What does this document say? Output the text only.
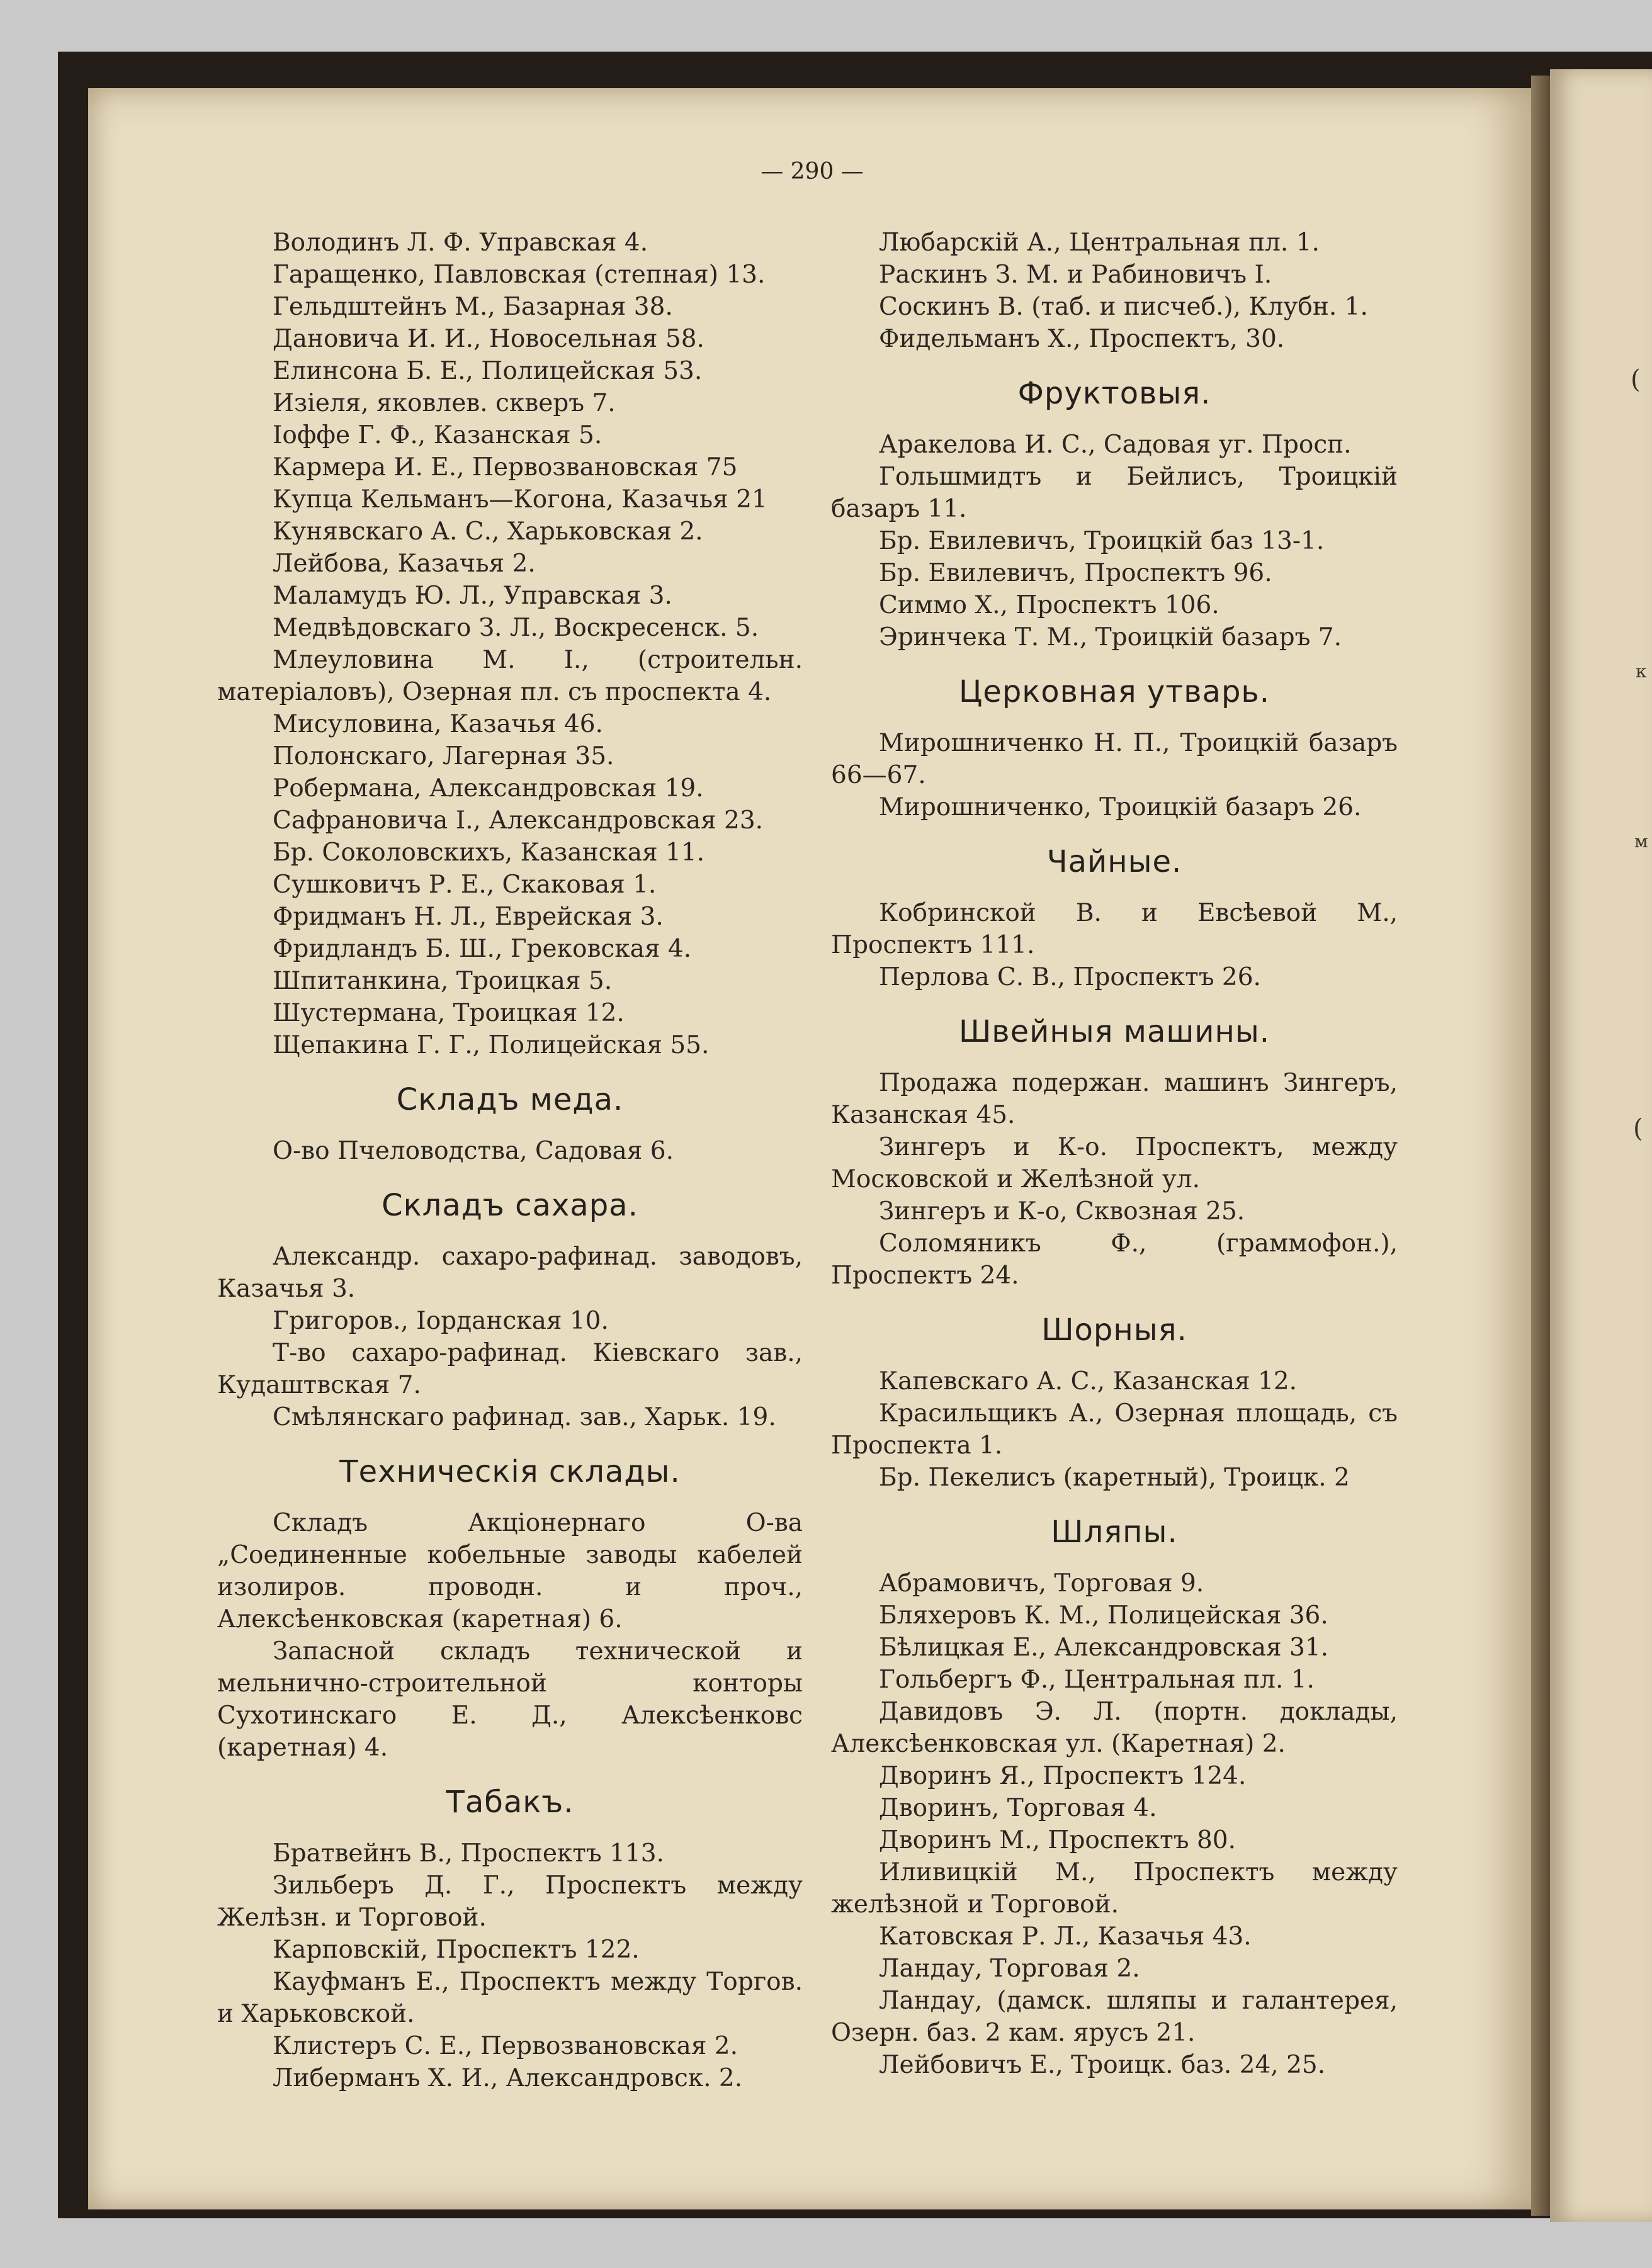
(
к
м
(
— 290 —
Володинъ Л. Ф. Управская 4.
Гаращенко, Павловская (степная) 13.
Гельдштейнъ М., Базарная 38.
Дановича И. И., Новосельная 58.
Елинсона Б. Е., Полицейская 53.
Изіеля, яковлев. скверъ 7.
Іоффе Г. Ф., Казанская 5.
Кармера И. Е., Первозвановская 75
Купца Кельманъ—Когона, Казачья 21
Кунявскаго А. С., Харьковская 2.
Лейбова, Казачья 2.
Маламудъ Ю. Л., Управская 3.
Медвѣдовскаго З. Л., Воскресенск. 5.
Млеуловина М. І., (строительн. матеріаловъ), Озерная пл. съ проспекта 4.
Мисуловина, Казачья 46.
Полонскаго, Лагерная 35.
Робермана, Александровская 19.
Сафрановича І., Александровская 23.
Бр. Соколовскихъ, Казанская 11.
Сушковичъ Р. Е., Скаковая 1.
Фридманъ Н. Л., Еврейская 3.
Фридландъ Б. Ш., Грековская 4.
Шпитанкина, Троицкая 5.
Шустермана, Троицкая 12.
Щепакина Г. Г., Полицейская 55.
Складъ меда.
О-во Пчеловодства, Садовая 6.
Складъ сахара.
Александр. сахаро-рафинад. заводовъ, Казачья 3.
Григоров., Іорданская 10.
Т-во сахаро-рафинад. Кіевскаго зав., Кудаштвская 7.
Смѣлянскаго рафинад. зав., Харьк. 19.
Техническія склады.
Складъ Акціонернаго О-ва „Соединенные кобельные заводы кабелей изолиров. проводн. и проч., Алексѣенковская (каретная) 6.
Запасной складъ технической и мельнично-строительной конторы Сухотинскаго Е. Д., Алексѣенковс (каретная) 4.
Табакъ.
Братвейнъ В., Проспектъ 113.
Зильберъ Д. Г., Проспектъ между Желѣзн. и Торговой.
Карповскій, Проспектъ 122.
Кауфманъ Е., Проспектъ между Торгов. и Харьковской.
Клистеръ С. Е., Первозвановская 2.
Либерманъ Х. И., Александровск. 2.
Любарскій А., Центральная пл. 1.
Раскинъ З. М. и Рабиновичъ І.
Соскинъ В. (таб. и писчеб.), Клубн. 1.
Фидельманъ Х., Проспектъ, 30.
Фруктовыя.
Аракелова И. С., Садовая уг. Просп.
Гольшмидтъ и Бейлисъ, Троицкій базаръ 11.
Бр. Евилевичъ, Троицкій баз 13-1.
Бр. Евилевичъ, Проспектъ 96.
Симмо Х., Проспектъ 106.
Эринчека Т. М., Троицкій базаръ 7.
Церковная утварь.
Мирошниченко Н. П., Троицкій базаръ 66—67.
Мирошниченко, Троицкій базаръ 26.
Чайные.
Кобринской В. и Евсѣевой М., Проспектъ 111.
Перлова С. В., Проспектъ 26.
Швейныя машины.
Продажа подержан. машинъ Зингеръ, Казанская 45.
Зингеръ и К-о. Проспектъ, между Московской и Желѣзной ул.
Зингеръ и К-о, Сквозная 25.
Соломяникъ Ф., (граммофон.), Проспектъ 24.
Шорныя.
Капевскаго А. С., Казанская 12.
Красильщикъ А., Озерная площадь, съ Проспекта 1.
Бр. Пекелисъ (каретный), Троицк. 2
Шляпы.
Абрамовичъ, Торговая 9.
Бляхеровъ К. М., Полицейская 36.
Бѣлицкая Е., Александровская 31.
Гольбергъ Ф., Центральная пл. 1.
Давидовъ Э. Л. (портн. доклады, Алексѣенковская ул. (Каретная) 2.
Дворинъ Я., Проспектъ 124.
Дворинъ, Торговая 4.
Дворинъ М., Проспектъ 80.
Иливицкій М., Проспектъ между желѣзной и Торговой.
Катовская Р. Л., Казачья 43.
Ландау, Торговая 2.
Ландау, (дамск. шляпы и галантерея, Озерн. баз. 2 кам. ярусъ 21.
Лейбовичъ Е., Троицк. баз. 24, 25.
